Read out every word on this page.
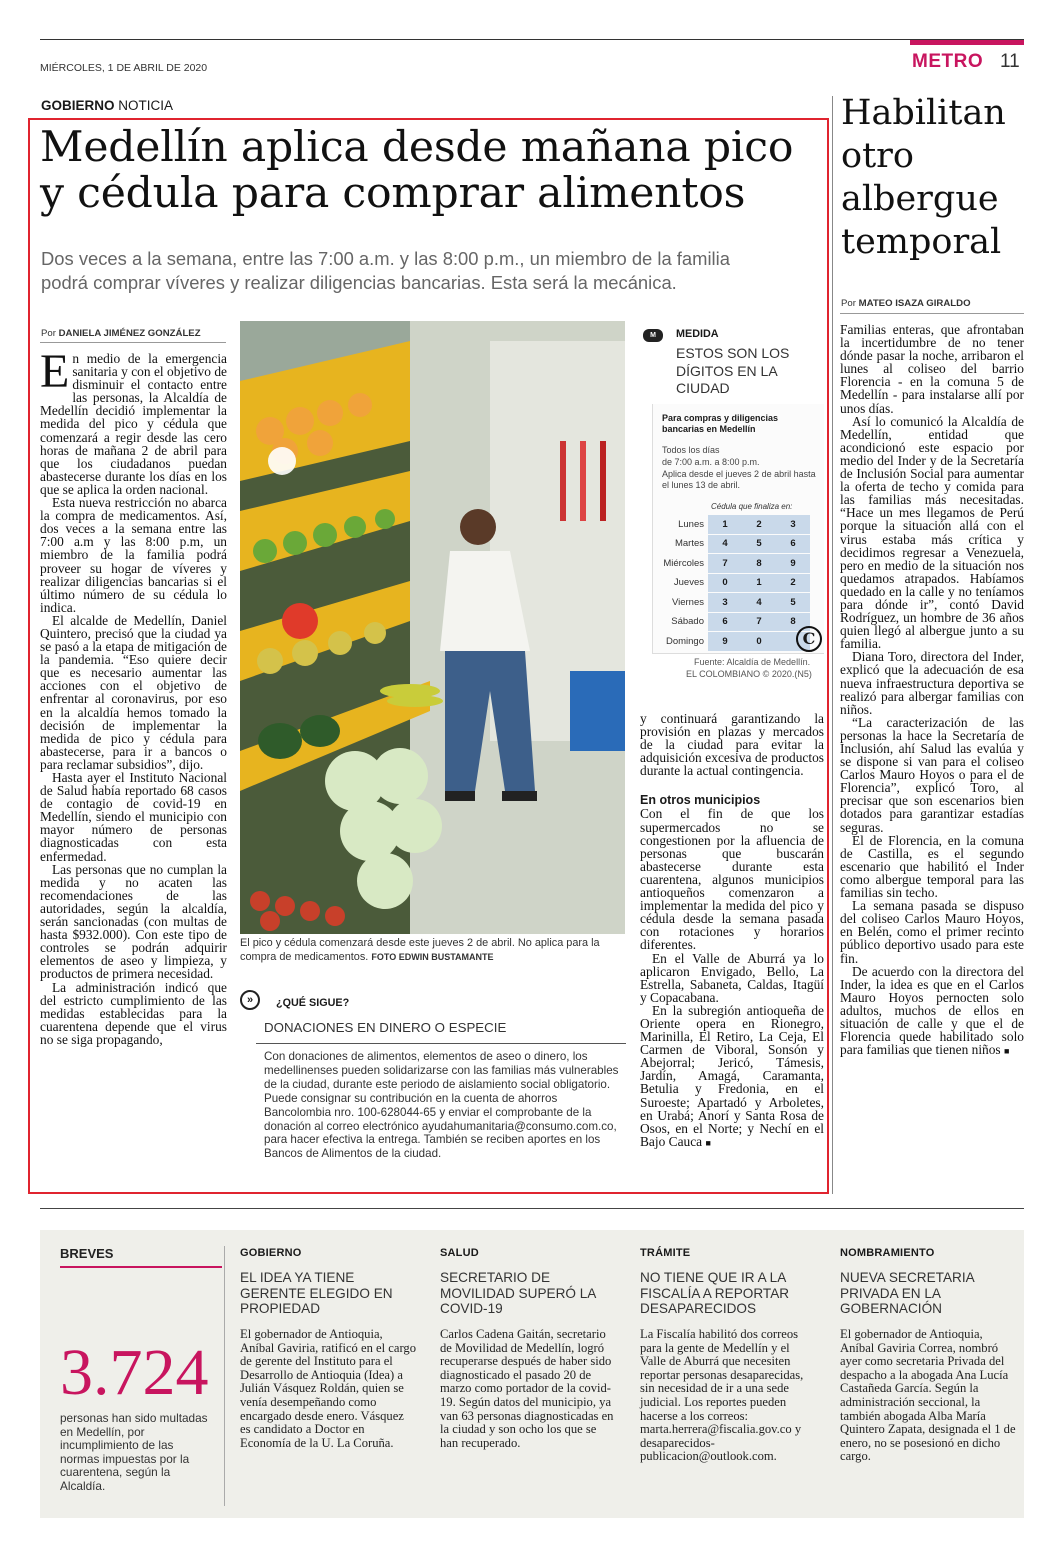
MIÉRCOLES, 1 DE ABRIL DE 2020	METRO 11
GOBIERNO NOTICIA
Medellín aplica desde mañana pico
y cédula para comprar alimentos
Dos veces a la semana, entre las 7:00 a.m. y las 8:00 p.m., un miembro de la familia
podrá comprar víveres y realizar diligencias bancarias. Esta será la mecánica.
Por DANIELA JIMÉNEZ GONZÁLEZ
E n medio de la emergencia sanitaria y con el objetivo de disminuir el contacto entre las personas, la Alcaldía de Medellín decidió implementar la medida del pico y cédula que comenzará a regir desde las cero horas de mañana 2 de abril para que los ciudadanos puedan abastecerse durante los días en los que se aplica la orden nacional.

Esta nueva restricción no abarca la compra de medicamentos. Así, dos veces a la semana entre las 7:00 a.m y las 8:00 p.m, un miembro de la familia podrá proveer su hogar de víveres y realizar diligencias bancarias si el último número de su cédula lo indica.

El alcalde de Medellín, Daniel Quintero, precisó que la ciudad ya se pasó a la etapa de mitigación de la pandemia. “Eso quiere decir que es necesario aumentar las acciones con el objetivo de enfrentar al coronavirus, por eso en la alcaldía hemos tomado la decisión de implementar la medida de pico y cédula para abastecerse, para ir a bancos o para reclamar subsidios”, dijo.

Hasta ayer el Instituto Nacional de Salud había reportado 68 casos de contagio de covid-19 en Medellín, siendo el municipio con mayor número de personas diagnosticadas con esta enfermedad.

Las personas que no cumplan la medida y no acaten las recomendaciones de las autoridades, según la alcaldía, serán sancionadas (con multas de hasta $932.000). Con este tipo de controles se podrán adquirir elementos de aseo y limpieza, y productos de primera necesidad.

La administración indicó que del estricto cumplimiento de las medidas establecidas para la cuarentena depende que el virus no se siga propagando,

El pico y cédula comenzará desde este jueves 2 de abril. No aplica para la compra de medicamentos. FOTO EDWIN BUSTAMANTE
»	¿QUÉ SIGUE?
DONACIONES EN DINERO O ESPECIE
Con donaciones de alimentos, elementos de aseo o dinero, los medellinenses pueden solidarizarse con las familias más vulnerables de la ciudad, durante este periodo de aislamiento social obligatorio. Puede consignar su contribución en la cuenta de ahorros Bancolombia nro. 100-628044-65 y enviar el comprobante de la donación al correo electrónico ayudahumanitaria@consumo.com.co, para hacer efectiva la entrega. También se reciben aportes en los Bancos de Alimentos de la ciudad.
M	MEDIDA
ESTOS SON LOS DÍGITOS EN LA CIUDAD
Para compras y diligencias bancarias en Medellín
Todos los días
de 7:00 a.m. a 8:00 p.m.
Aplica desde el jueves 2 de abril hasta el lunes 13 de abril.
Cédula que finaliza en:
Lunes	1	2	3
Martes	4	5	6
Miércoles	7	8	9
Jueves	0	1	2
Viernes	3	4	5
Sábado	6	7	8
Domingo	9	0		C
Fuente: Alcaldía de Medellín.
EL COLOMBIANO © 2020.(N5)

y continuará garantizando la provisión en plazas y mercados de la ciudad para evitar la adquisición excesiva de productos durante la actual contingencia.

En otros municipios

Con el fin de que los supermercados no se congestionen por la afluencia de personas que buscarán abastecerse durante esta cuarentena, algunos municipios antioqueños comenzaron a implementar la medida del pico y cédula desde la semana pasada con rotaciones y horarios diferentes.

En el Valle de Aburrá ya lo aplicaron Envigado, Bello, La Estrella, Sabaneta, Caldas, Itagüí y Copacabana.

En la subregión antioqueña de Oriente opera en Rionegro, Marinilla, El Retiro, La Ceja, El Carmen de Viboral, Sonsón y Abejorral; Jericó, Támesis, Jardín, Amagá, Caramanta, Betulia y Fredonia, en el Suroeste; Apartadó y Arboletes, en Urabá; Anorí y Santa Rosa de Osos, en el Norte; y Nechí en el Bajo Cauca ■

Habilitan otro albergue temporal
Por MATEO ISAZA GIRALDO

Familias enteras, que afrontaban la incertidumbre de no tener dónde pasar la noche, arribaron el lunes al coliseo del barrio Florencia - en la comuna 5 de Medellín - para instalarse allí por unos días.

Así lo comunicó la Alcaldía de Medellín, entidad que acondicionó este espacio por medio del Inder y de la Secretaría de Inclusión Social para aumentar la oferta de techo y comida para las familias más necesitadas. “Hace un mes llegamos de Perú porque la situación allá con el virus estaba más crítica y decidimos regresar a Venezuela, pero en medio de la situación nos quedamos atrapados. Habíamos quedado en la calle y no teníamos para dónde ir”, contó David Rodríguez, un hombre de 36 años quien llegó al albergue junto a su familia.

Diana Toro, directora del Inder, explicó que la adecuación de esa nueva infraestructura deportiva se realizó para albergar familias con niños.

“La caracterización de las personas la hace la Secretaría de Inclusión, ahí Salud las evalúa y se dispone si van para el coliseo Carlos Mauro Hoyos o para el de Florencia”, explicó Toro, al precisar que son escenarios bien dotados para garantizar estadías seguras.

El de Florencia, en la comuna de Castilla, es el segundo escenario que habilitó el Inder como albergue temporal para las familias sin techo.

La semana pasada se dispuso del coliseo Carlos Mauro Hoyos, en Belén, como el primer recinto público deportivo usado para este fin.

De acuerdo con la directora del Inder, la idea es que en el Carlos Mauro Hoyos pernocten solo adultos, muchos de ellos en situación de calle y que el de Florencia quede habilitado solo para familias que tienen niños ■

BREVES
3.724
personas han sido multadas en Medellín, por incumplimiento de las normas impuestas por la cuarentena, según la Alcaldía.
GOBIERNO
EL IDEA YA TIENE GERENTE ELEGIDO EN PROPIEDAD
El gobernador de Antioquia, Aníbal Gaviria, ratificó en el cargo de gerente del Instituto para el Desarrollo de Antioquia (Idea) a Julián Vásquez Roldán, quien se venía desempeñando como encargado desde enero. Vásquez es candidato a Doctor en Economía de la U. La Coruña.
SALUD
SECRETARIO DE MOVILIDAD SUPERÓ LA COVID-19
Carlos Cadena Gaitán, secretario de Movilidad de Medellín, logró recuperarse después de haber sido diagnosticado el pasado 20 de marzo como portador de la covid-19. Según datos del municipio, ya van 63 personas diagnosticadas en la ciudad y son ocho los que se han recuperado.
TRÁMITE
NO TIENE QUE IR A LA FISCALÍA A REPORTAR DESAPARECIDOS
La Fiscalía habilitó dos correos para la gente de Medellín y el Valle de Aburrá que necesiten reportar personas desaparecidas, sin necesidad de ir a una sede judicial. Los reportes pueden hacerse a los correos: marta.herrera@fiscalia.gov.co y desaparecidos-publicacion@outlook.com.
NOMBRAMIENTO
NUEVA SECRETARIA PRIVADA EN LA GOBERNACIÓN
El gobernador de Antioquia, Aníbal Gaviria Correa, nombró ayer como secretaria Privada del despacho a la abogada Ana Lucía Castañeda García. Según la administración seccional, la también abogada Alba María Quintero Zapata, designada el 1 de enero, no se posesionó en dicho cargo.
